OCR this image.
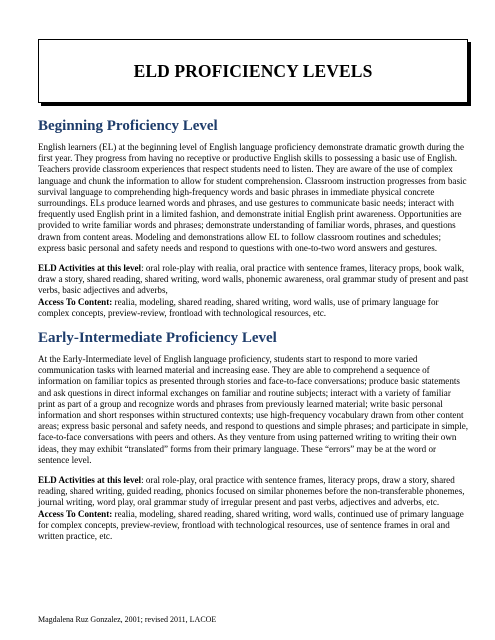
ELD PROFICIENCY LEVELS
Beginning Proficiency Level

English learners (EL) at the beginning level of English language proficiency demonstrate dramatic growth during the first year. They progress from having no receptive or productive English skills to possessing a basic use of English. Teachers provide classroom experiences that respect students need to listen. They are aware of the use of complex language and chunk the information to allow for student comprehension. Classroom instruction progresses from basic survival language to comprehending high-frequency words and basic phrases in immediate physical concrete surroundings. ELs produce learned words and phrases, and use gestures to communicate basic needs; interact with frequently used English print in a limited fashion, and demonstrate initial English print awareness. Opportunities are provided to write familiar words and phrases; demonstrate understanding of familiar words, phrases, and questions drawn from content areas. Modeling and demonstrations allow EL to follow classroom routines and schedules; express basic personal and safety needs and respond to questions with one-to-two word answers and gestures.

ELD Activities at this level: oral role-play with realia, oral practice with sentence frames, literacy props, book walk, draw a story, shared reading, shared writing, word walls, phonemic awareness, oral grammar study of present and past verbs, basic adjectives and adverbs,
Access To Content: realia, modeling, shared reading, shared writing, word walls, use of primary language for complex concepts, preview-review, frontload with technological resources, etc.

Early-Intermediate Proficiency Level

At the Early-Intermediate level of English language proficiency, students start to respond to more varied communication tasks with learned material and increasing ease. They are able to comprehend a sequence of information on familiar topics as presented through stories and face-to-face conversations; produce basic statements and ask questions in direct informal exchanges on familiar and routine subjects; interact with a variety of familiar print as part of a group and recognize words and phrases from previously learned material; write basic personal information and short responses within structured contexts; use high-frequency vocabulary drawn from other content areas; express basic personal and safety needs, and respond to questions and simple phrases; and participate in simple, face-to-face conversations with peers and others. As they venture from using patterned writing to writing their own ideas, they may exhibit “translated” forms from their primary language. These “errors” may be at the word or sentence level.

ELD Activities at this level: oral role-play, oral practice with sentence frames, literacy props, draw a story, shared reading, shared writing, guided reading, phonics focused on similar phonemes before the non-transferable phonemes, journal writing, word play, oral grammar study of irregular present and past verbs, adjectives and adverbs, etc.
Access To Content: realia, modeling, shared reading, shared writing, word walls, continued use of primary language for complex concepts, preview-review, frontload with technological resources, use of sentence frames in oral and written practice, etc.

Magdalena Ruz Gonzalez, 2001; revised 2011, LACOE
